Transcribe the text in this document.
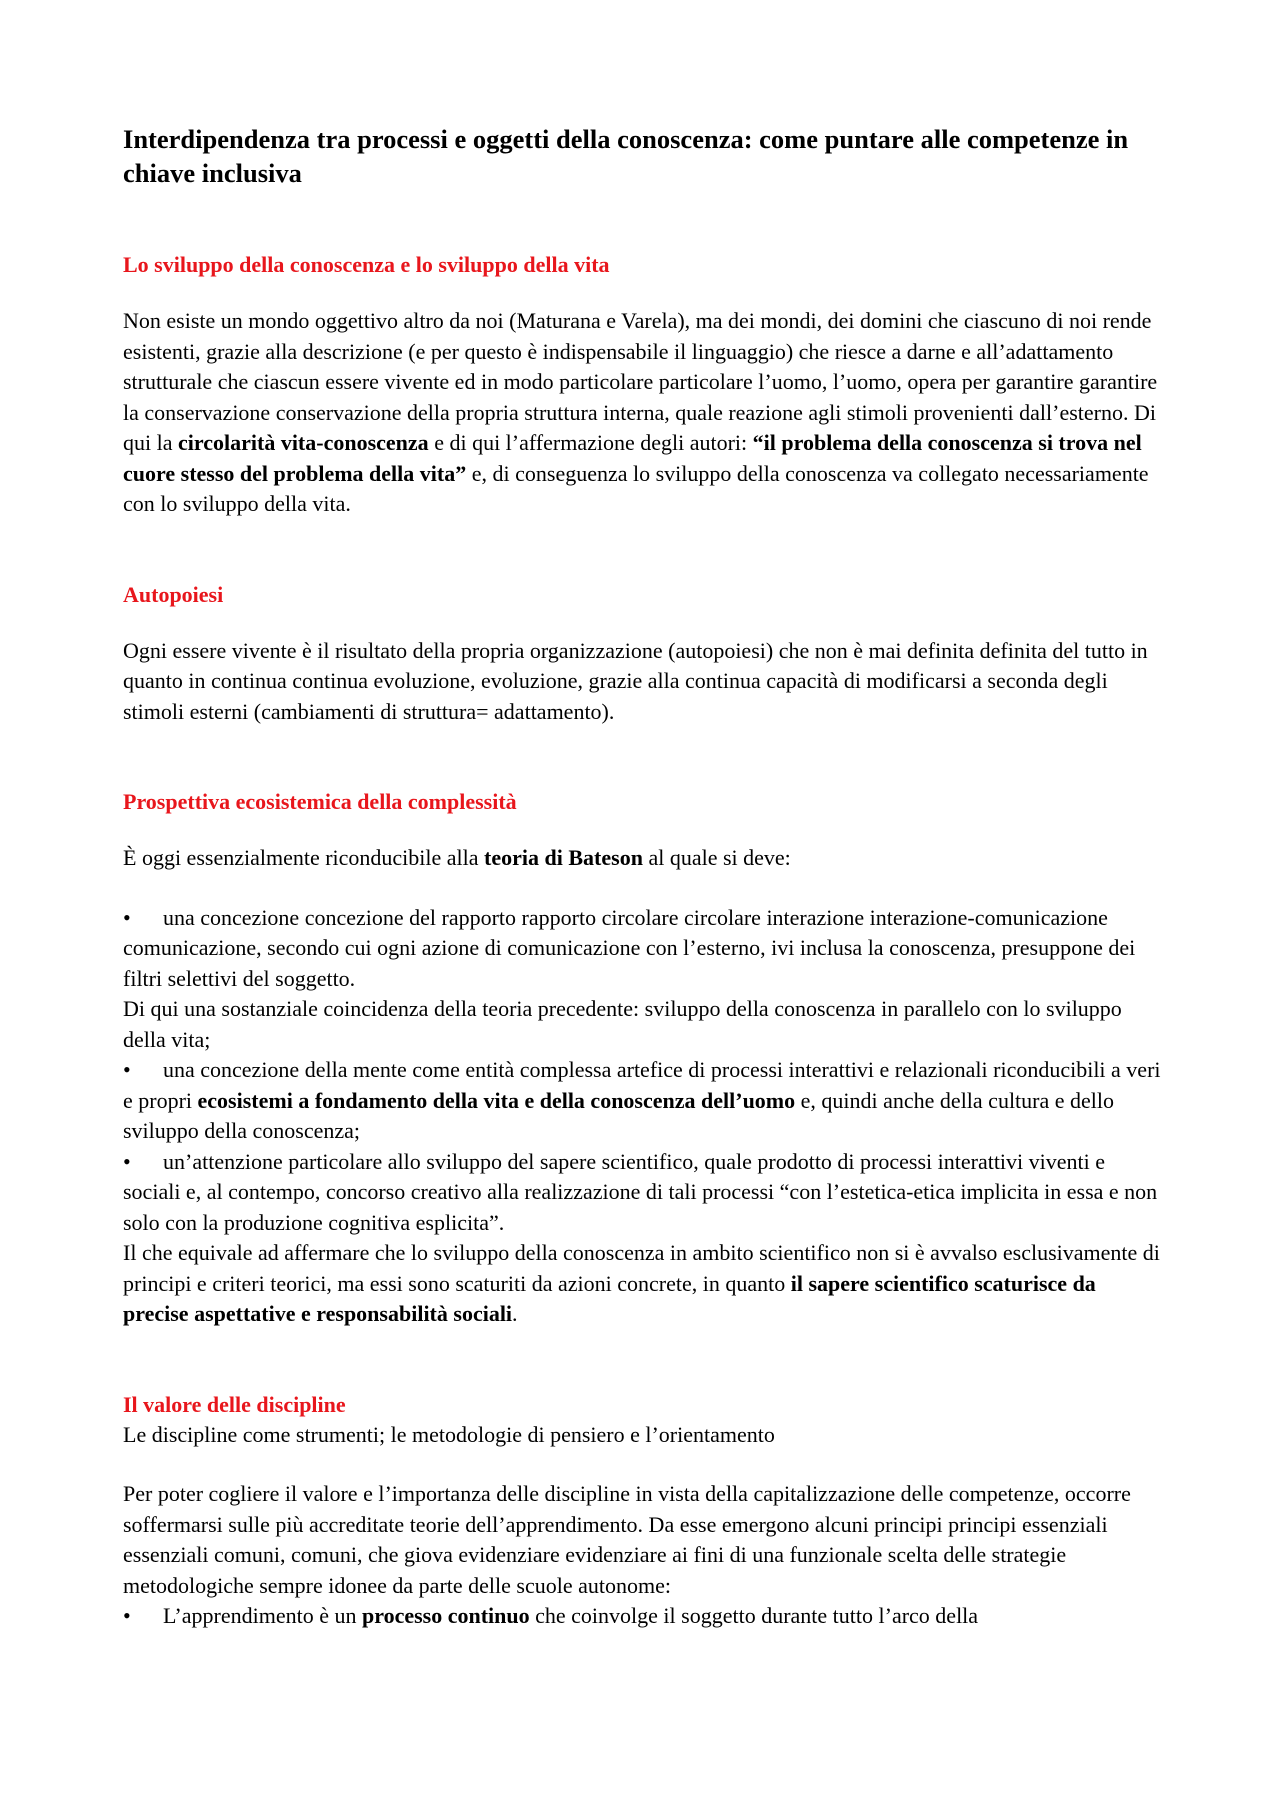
Interdipendenza tra processi e oggetti della conoscenza: come puntare alle competenze in chiave inclusiva
Lo sviluppo della conoscenza e lo sviluppo della vita

Non esiste un mondo oggettivo altro da noi (Maturana e Varela), ma dei mondi, dei domini che ciascuno di noi rende esistenti, grazie alla descrizione (e per questo è indispensabile il linguaggio) che riesce a darne e all’adattamento strutturale che ciascun essere vivente ed in modo particolare particolare l’uomo, l’uomo, opera per garantire garantire la conservazione conservazione della propria struttura interna, quale reazione agli stimoli provenienti dall’esterno. Di qui la circolarità vita-conoscenza e di qui l’affermazione degli autori: “il problema della conoscenza si trova nel cuore stesso del problema della vita” e, di conseguenza lo sviluppo della conoscenza va collegato necessariamente con lo sviluppo della vita.

Autopoiesi

Ogni essere vivente è il risultato della propria organizzazione (autopoiesi) che non è mai definita definita del tutto in quanto in continua continua evoluzione, evoluzione, grazie alla continua capacità di modificarsi a seconda degli stimoli esterni (cambiamenti di struttura= adattamento).

Prospettiva ecosistemica della complessità

È oggi essenzialmente riconducibile alla teoria di Bateson al quale si deve:

• una concezione concezione del rapporto rapporto circolare circolare interazione interazione-comunicazione comunicazione, secondo cui ogni azione di comunicazione con l’esterno, ivi inclusa la conoscenza, presuppone dei filtri selettivi del soggetto.

Di qui una sostanziale coincidenza della teoria precedente: sviluppo della conoscenza in parallelo con lo sviluppo della vita;

• una concezione della mente come entità complessa artefice di processi interattivi e relazionali riconducibili a veri e propri ecosistemi a fondamento della vita e della conoscenza dell’uomo e, quindi anche della cultura e dello sviluppo della conoscenza;

• un’attenzione particolare allo sviluppo del sapere scientifico, quale prodotto di processi interattivi viventi e sociali e, al contempo, concorso creativo alla realizzazione di tali processi “con l’estetica-etica implicita in essa e non solo con la produzione cognitiva esplicita”.

Il che equivale ad affermare che lo sviluppo della conoscenza in ambito scientifico non si è avvalso esclusivamente di principi e criteri teorici, ma essi sono scaturiti da azioni concrete, in quanto il sapere scientifico scaturisce da precise aspettative e responsabilità sociali.

Il valore delle discipline

Le discipline come strumenti; le metodologie di pensiero e l’orientamento

Per poter cogliere il valore e l’importanza delle discipline in vista della capitalizzazione delle competenze, occorre soffermarsi sulle più accreditate teorie dell’apprendimento. Da esse emergono alcuni principi principi essenziali essenziali comuni, comuni, che giova evidenziare evidenziare ai fini di una funzionale scelta delle strategie metodologiche sempre idonee da parte delle scuole autonome:

• L’apprendimento è un processo continuo che coinvolge il soggetto durante tutto l’arco della
